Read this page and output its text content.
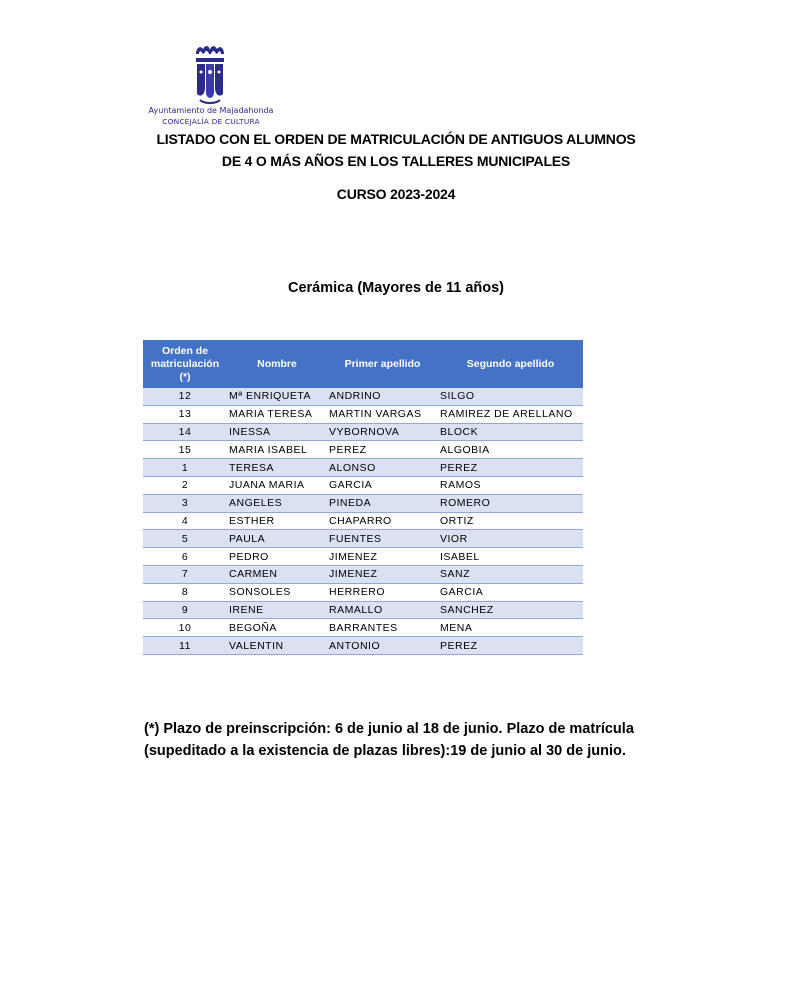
Ayuntamiento de Majadahonda
CONCEJALÍA DE CULTURA
LISTADO CON EL ORDEN DE MATRICULACIÓN DE ANTIGUOS ALUMNOS
DE 4 O MÁS AÑOS EN LOS TALLERES MUNICIPALES
CURSO 2023-2024
Cerámica (Mayores de 11 años)
Orden de matriculación (*)	Nombre	Primer apellido	Segundo apellido
12	Mª ENRIQUETA	ANDRINO	SILGO
13	MARIA TERESA	MARTIN VARGAS	RAMIREZ DE ARELLANO
14	INESSA	VYBORNOVA	BLOCK
15	MARIA ISABEL	PEREZ	ALGOBIA
1	TERESA	ALONSO	PEREZ
2	JUANA MARIA	GARCIA	RAMOS
3	ANGELES	PINEDA	ROMERO
4	ESTHER	CHAPARRO	ORTIZ
5	PAULA	FUENTES	VIOR
6	PEDRO	JIMENEZ	ISABEL
7	CARMEN	JIMENEZ	SANZ
8	SONSOLES	HERRERO	GARCIA
9	IRENE	RAMALLO	SANCHEZ
10	BEGOÑA	BARRANTES	MENA
11	VALENTIN	ANTONIO	PEREZ
(*) Plazo de preinscripción: 6 de junio al 18 de junio. Plazo de matrícula
(supeditado a la existencia de plazas libres):19 de junio al 30 de junio.
